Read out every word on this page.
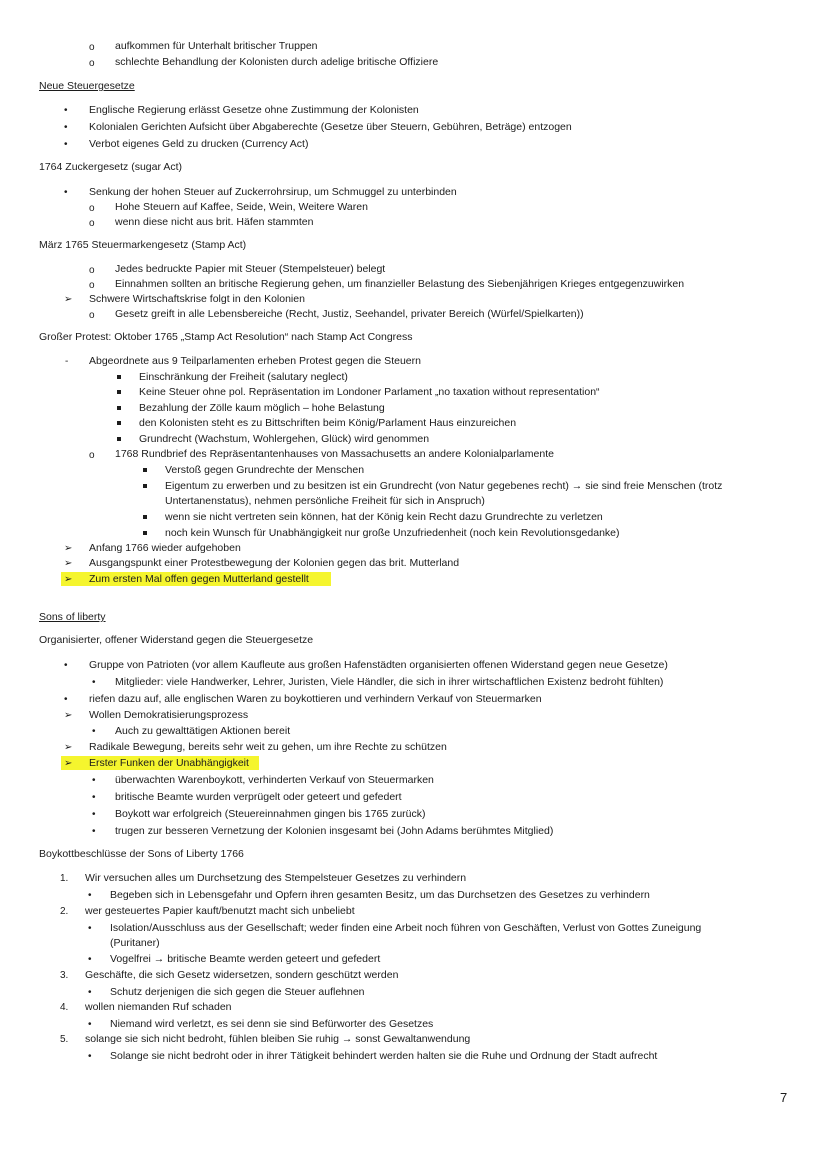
o aufkommen für Unterhalt britischer Truppen
o schlechte Behandlung der Kolonisten durch adelige britische Offiziere
Neue Steuergesetze
• Englische Regierung erlässt Gesetze ohne Zustimmung der Kolonisten
• Kolonialen Gerichten Aufsicht über Abgaberechte (Gesetze über Steuern, Gebühren, Beträge) entzogen
• Verbot eigenes Geld zu drucken (Currency Act)
1764 Zuckergesetz (sugar Act)
• Senkung der hohen Steuer auf Zuckerrohrsirup, um Schmuggel zu unterbinden
o Hohe Steuern auf Kaffee, Seide, Wein, Weitere Waren
o wenn diese nicht aus brit. Häfen stammten
März 1765 Steuermarkengesetz (Stamp Act)
o Jedes bedruckte Papier mit Steuer (Stempelsteuer) belegt
o Einnahmen sollten an britische Regierung gehen, um finanzieller Belastung des Siebenjährigen Krieges entgegenzuwirken
➢ Schwere Wirtschaftskrise folgt in den Kolonien
o Gesetz greift in alle Lebensbereiche (Recht, Justiz, Seehandel, privater Bereich (Würfel/Spielkarten))
Großer Protest: Oktober 1765 „Stamp Act Resolution“ nach Stamp Act Congress
- Abgeordnete aus 9 Teilparlamenten erheben Protest gegen die Steuern
Einschränkung der Freiheit (salutary neglect)
Keine Steuer ohne pol. Repräsentation im Londoner Parlament „no taxation without representation“
Bezahlung der Zölle kaum möglich – hohe Belastung
den Kolonisten steht es zu Bittschriften beim König/Parlament Haus einzureichen
Grundrecht (Wachstum, Wohlergehen, Glück) wird genommen
o 1768 Rundbrief des Repräsentantenhauses von Massachusetts an andere Kolonialparlamente
Verstoß gegen Grundrechte der Menschen
Eigentum zu erwerben und zu besitzen ist ein Grundrecht (von Natur gegebenes recht) → sie sind freie Menschen (trotz
Untertanenstatus), nehmen persönliche Freiheit für sich in Anspruch)
wenn sie nicht vertreten sein können, hat der König kein Recht dazu Grundrechte zu verletzen
noch kein Wunsch für Unabhängigkeit nur große Unzufriedenheit (noch kein Revolutionsgedanke)
➢ Anfang 1766 wieder aufgehoben
➢ Ausgangspunkt einer Protestbewegung der Kolonien gegen das brit. Mutterland
➢ Zum ersten Mal offen gegen Mutterland gestellt
Sons of liberty
Organisierter, offener Widerstand gegen die Steuergesetze
• Gruppe von Patrioten (vor allem Kaufleute aus großen Hafenstädten organisierten offenen Widerstand gegen neue Gesetze)
• Mitglieder: viele Handwerker, Lehrer, Juristen, Viele Händler, die sich in ihrer wirtschaftlichen Existenz bedroht fühlten)
• riefen dazu auf, alle englischen Waren zu boykottieren und verhindern Verkauf von Steuermarken
➢ Wollen Demokratisierungsprozess
• Auch zu gewalttätigen Aktionen bereit
➢ Radikale Bewegung, bereits sehr weit zu gehen, um ihre Rechte zu schützen
➢ Erster Funken der Unabhängigkeit
• überwachten Warenboykott, verhinderten Verkauf von Steuermarken
• britische Beamte wurden verprügelt oder geteert und gefedert
• Boykott war erfolgreich (Steuereinnahmen gingen bis 1765 zurück)
• trugen zur besseren Vernetzung der Kolonien insgesamt bei (John Adams berühmtes Mitglied)
Boykottbeschlüsse der Sons of Liberty 1766
1. Wir versuchen alles um Durchsetzung des Stempelsteuer Gesetzes zu verhindern
• Begeben sich in Lebensgefahr und Opfern ihren gesamten Besitz, um das Durchsetzen des Gesetzes zu verhindern
2. wer gesteuertes Papier kauft/benutzt macht sich unbeliebt
• Isolation/Ausschluss aus der Gesellschaft; weder finden eine Arbeit noch führen von Geschäften, Verlust von Gottes Zuneigung
(Puritaner)
• Vogelfrei → britische Beamte werden geteert und gefedert
3. Geschäfte, die sich Gesetz widersetzen, sondern geschützt werden
• Schutz derjenigen die sich gegen die Steuer auflehnen
4. wollen niemanden Ruf schaden
• Niemand wird verletzt, es sei denn sie sind Befürworter des Gesetzes
5. solange sie sich nicht bedroht, fühlen bleiben Sie ruhig → sonst Gewaltanwendung
• Solange sie nicht bedroht oder in ihrer Tätigkeit behindert werden halten sie die Ruhe und Ordnung der Stadt aufrecht
7
